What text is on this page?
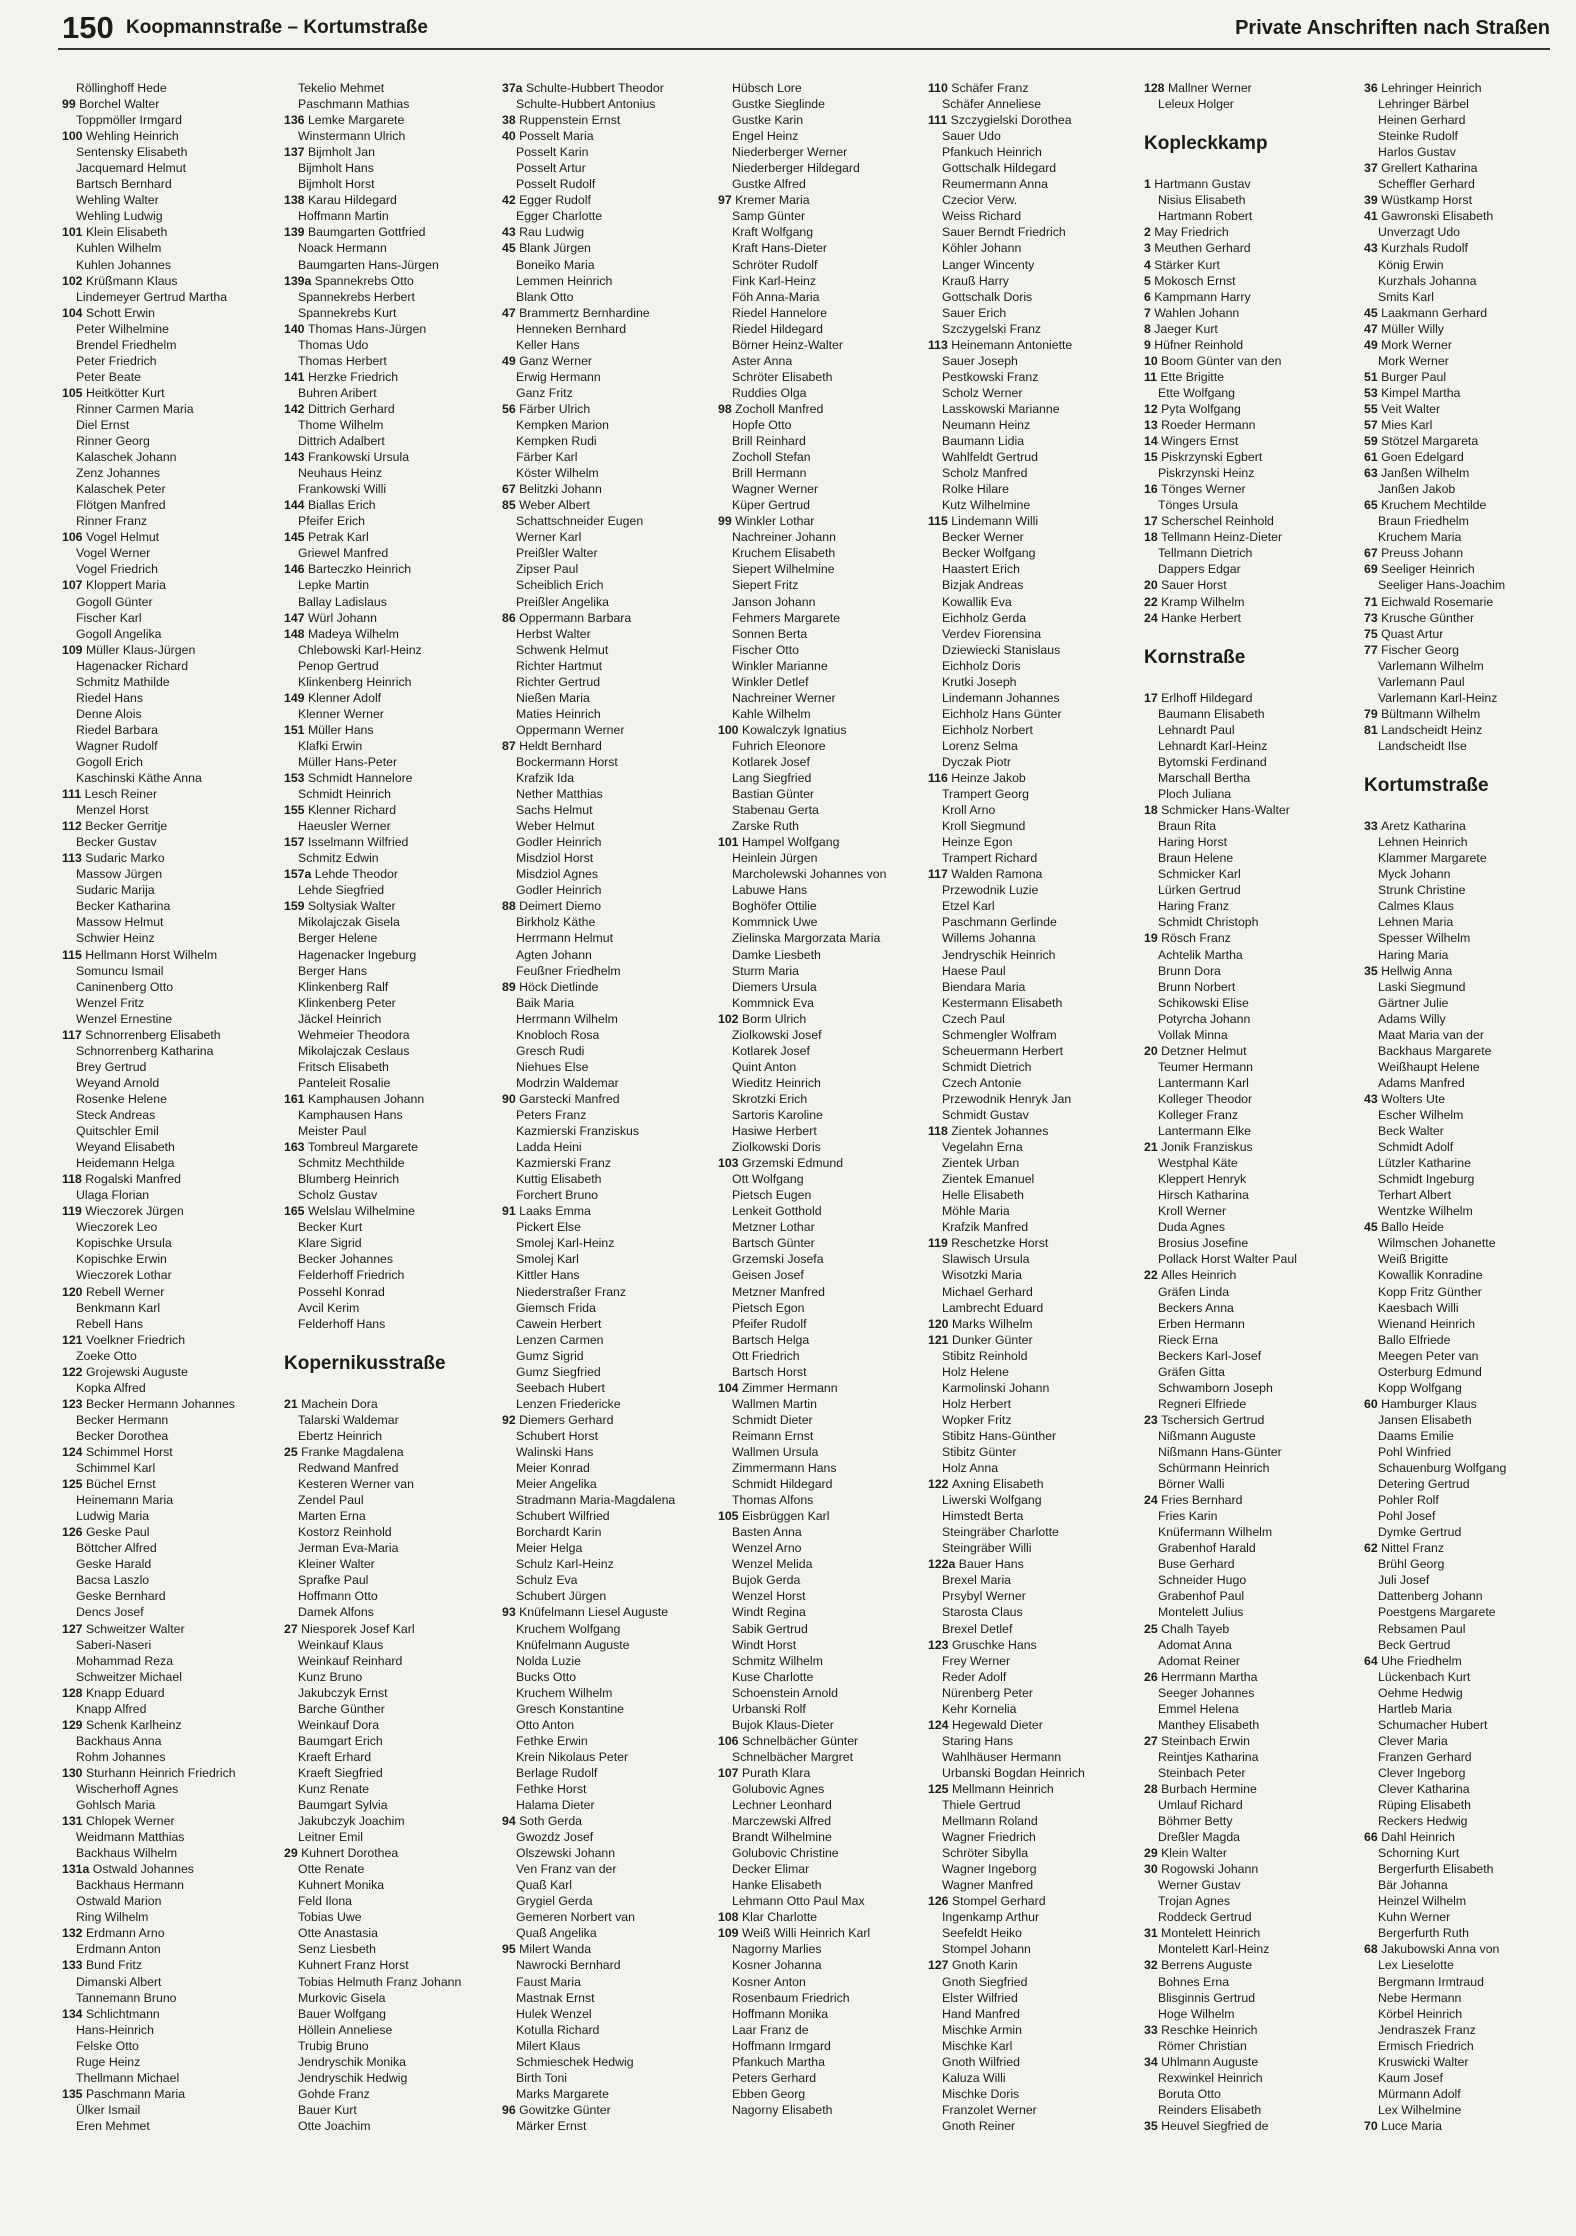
150 Koopmannstraße – Kortumstraße	Private Anschriften nach Straßen
Röllinghoff Hede
99 Borchel Walter
Toppmöller Irmgard
100 Wehling Heinrich
Sentensky Elisabeth
Jacquemard Helmut
Bartsch Bernhard
Wehling Walter
Wehling Ludwig
101 Klein Elisabeth
Kuhlen Wilhelm
Kuhlen Johannes
102 Krüßmann Klaus
Lindemeyer Gertrud Martha
104 Schott Erwin
Peter Wilhelmine
Brendel Friedhelm
Peter Friedrich
Peter Beate
105 Heitkötter Kurt
Rinner Carmen Maria
Diel Ernst
Rinner Georg
Kalaschek Johann
Zenz Johannes
Kalaschek Peter
Flötgen Manfred
Rinner Franz
106 Vogel Helmut
Vogel Werner
Vogel Friedrich
107 Kloppert Maria
Gogoll Günter
Fischer Karl
Gogoll Angelika
109 Müller Klaus-Jürgen
Hagenacker Richard
Schmitz Mathilde
Riedel Hans
Denne Alois
Riedel Barbara
Wagner Rudolf
Gogoll Erich
Kaschinski Käthe Anna
111 Lesch Reiner
Menzel Horst
112 Becker Gerritje
Becker Gustav
113 Sudaric Marko
Massow Jürgen
Sudaric Marija
Becker Katharina
Massow Helmut
Schwier Heinz
115 Hellmann Horst Wilhelm
Somuncu Ismail
Caninenberg Otto
Wenzel Fritz
Wenzel Ernestine
117 Schnorrenberg Elisabeth
Schnorrenberg Katharina
Brey Gertrud
Weyand Arnold
Rosenke Helene
Steck Andreas
Quitschler Emil
Weyand Elisabeth
Heidemann Helga
118 Rogalski Manfred
Ulaga Florian
119 Wieczorek Jürgen
Wieczorek Leo
Kopischke Ursula
Kopischke Erwin
Wieczorek Lothar
120 Rebell Werner
Benkmann Karl
Rebell Hans
121 Voelkner Friedrich
Zoeke Otto
122 Grojewski Auguste
Kopka Alfred
123 Becker Hermann Johannes
Becker Hermann
Becker Dorothea
124 Schimmel Horst
Schimmel Karl
125 Büchel Ernst
Heinemann Maria
Ludwig Maria
126 Geske Paul
Böttcher Alfred
Geske Harald
Bacsa Laszlo
Geske Bernhard
Dencs Josef
127 Schweitzer Walter
Saberi-Naseri
Mohammad Reza
Schweitzer Michael
128 Knapp Eduard
Knapp Alfred
129 Schenk Karlheinz
Backhaus Anna
Rohm Johannes
130 Sturhann Heinrich Friedrich
Wischerhoff Agnes
Gohlsch Maria
131 Chlopek Werner
Weidmann Matthias
Backhaus Wilhelm
131a Ostwald Johannes
Backhaus Hermann
Ostwald Marion
Ring Wilhelm
132 Erdmann Arno
Erdmann Anton
133 Bund Fritz
Dimanski Albert
Tannemann Bruno
134 Schlichtmann
Hans-Heinrich
Felske Otto
Ruge Heinz
Thellmann Michael
135 Paschmann Maria
Ülker Ismail
Eren Mehmet
Tekelio Mehmet
Paschmann Mathias
136 Lemke Margarete
Winstermann Ulrich
137 Bijmholt Jan
Bijmholt Hans
Bijmholt Horst
138 Karau Hildegard
Hoffmann Martin
139 Baumgarten Gottfried
Noack Hermann
Baumgarten Hans-Jürgen
139a Spannekrebs Otto
Spannekrebs Herbert
Spannekrebs Kurt
140 Thomas Hans-Jürgen
Thomas Udo
Thomas Herbert
141 Herzke Friedrich
Buhren Aribert
142 Dittrich Gerhard
Thome Wilhelm
Dittrich Adalbert
143 Frankowski Ursula
Neuhaus Heinz
Frankowski Willi
144 Biallas Erich
Pfeifer Erich
145 Petrak Karl
Griewel Manfred
146 Barteczko Heinrich
Lepke Martin
Ballay Ladislaus
147 Würl Johann
148 Madeya Wilhelm
Chlebowski Karl-Heinz
Penop Gertrud
Klinkenberg Heinrich
149 Klenner Adolf
Klenner Werner
151 Müller Hans
Klafki Erwin
Müller Hans-Peter
153 Schmidt Hannelore
Schmidt Heinrich
155 Klenner Richard
Haeusler Werner
157 Isselmann Wilfried
Schmitz Edwin
157a Lehde Theodor
Lehde Siegfried
159 Soltysiak Walter
Mikolajczak Gisela
Berger Helene
Hagenacker Ingeburg
Berger Hans
Klinkenberg Ralf
Klinkenberg Peter
Jäckel Heinrich
Wehmeier Theodora
Mikolajczak Ceslaus
Fritsch Elisabeth
Panteleit Rosalie
161 Kamphausen Johann
Kamphausen Hans
Meister Paul
163 Tombreul Margarete
Schmitz Mechthilde
Blumberg Heinrich
Scholz Gustav
165 Welslau Wilhelmine
Becker Kurt
Klare Sigrid
Becker Johannes
Felderhoff Friedrich
Possehl Konrad
Avcil Kerim
Felderhoff Hans
Kopernikusstraße
21 Machein Dora
Talarski Waldemar
Ebertz Heinrich
25 Franke Magdalena
Redwand Manfred
Kesteren Werner van
Zendel Paul
Marten Erna
Kostorz Reinhold
Jerman Eva-Maria
Kleiner Walter
Sprafke Paul
Hoffmann Otto
Damek Alfons
27 Niesporek Josef Karl
Weinkauf Klaus
Weinkauf Reinhard
Kunz Bruno
Jakubczyk Ernst
Barche Günther
Weinkauf Dora
Baumgart Erich
Kraeft Erhard
Kraeft Siegfried
Kunz Renate
Baumgart Sylvia
Jakubczyk Joachim
Leitner Emil
29 Kuhnert Dorothea
Otte Renate
Kuhnert Monika
Feld Ilona
Tobias Uwe
Otte Anastasia
Senz Liesbeth
Kuhnert Franz Horst
Tobias Helmuth Franz Johann
Murkovic Gisela
Bauer Wolfgang
Höllein Anneliese
Trubig Bruno
Jendryschik Monika
Jendryschik Hedwig
Gohde Franz
Bauer Kurt
Otte Joachim
37a Schulte-Hubbert Theodor
Schulte-Hubbert Antonius
38 Ruppenstein Ernst
40 Posselt Maria
Posselt Karin
Posselt Artur
Posselt Rudolf
42 Egger Rudolf
Egger Charlotte
43 Rau Ludwig
45 Blank Jürgen
Boneiko Maria
Lemmen Heinrich
Blank Otto
47 Brammertz Bernhardine
Henneken Bernhard
Keller Hans
49 Ganz Werner
Erwig Hermann
Ganz Fritz
56 Färber Ulrich
Kempken Marion
Kempken Rudi
Färber Karl
Köster Wilhelm
67 Belitzki Johann
85 Weber Albert
Schattschneider Eugen
Werner Karl
Preißler Walter
Zipser Paul
Scheiblich Erich
Preißler Angelika
86 Oppermann Barbara
Herbst Walter
Schwenk Helmut
Richter Hartmut
Richter Gertrud
Nießen Maria
Maties Heinrich
Oppermann Werner
87 Heldt Bernhard
Bockermann Horst
Krafzik Ida
Nether Matthias
Sachs Helmut
Weber Helmut
Godler Heinrich
Misdziol Horst
Misdziol Agnes
Godler Heinrich
88 Deimert Diemo
Birkholz Käthe
Herrmann Helmut
Agten Johann
Feußner Friedhelm
89 Höck Dietlinde
Baik Maria
Herrmann Wilhelm
Knobloch Rosa
Gresch Rudi
Niehues Else
Modrzin Waldemar
90 Garstecki Manfred
Peters Franz
Kazmierski Franziskus
Ladda Heini
Kazmierski Franz
Kuttig Elisabeth
Forchert Bruno
91 Laaks Emma
Pickert Else
Smolej Karl-Heinz
Smolej Karl
Kittler Hans
Niederstraßer Franz
Giemsch Frida
Cawein Herbert
Lenzen Carmen
Gumz Sigrid
Gumz Siegfried
Seebach Hubert
Lenzen Friedericke
92 Diemers Gerhard
Schubert Horst
Walinski Hans
Meier Konrad
Meier Angelika
Stradmann Maria-Magdalena
Schubert Wilfried
Borchardt Karin
Meier Helga
Schulz Karl-Heinz
Schulz Eva
Schubert Jürgen
93 Knüfelmann Liesel Auguste
Kruchem Wolfgang
Knüfelmann Auguste
Nolda Luzie
Bucks Otto
Kruchem Wilhelm
Gresch Konstantine
Otto Anton
Fethke Erwin
Krein Nikolaus Peter
Berlage Rudolf
Fethke Horst
Halama Dieter
94 Soth Gerda
Gwozdz Josef
Olszewski Johann
Ven Franz van der
Quaß Karl
Grygiel Gerda
Gemeren Norbert van
Quaß Angelika
95 Milert Wanda
Nawrocki Bernhard
Faust Maria
Mastnak Ernst
Hulek Wenzel
Kotulla Richard
Milert Klaus
Schmieschek Hedwig
Birth Toni
Marks Margarete
96 Gowitzke Günter
Märker Ernst
Hübsch Lore
Gustke Sieglinde
Gustke Karin
Engel Heinz
Niederberger Werner
Niederberger Hildegard
Gustke Alfred
97 Kremer Maria
Samp Günter
Kraft Wolfgang
Kraft Hans-Dieter
Schröter Rudolf
Fink Karl-Heinz
Föh Anna-Maria
Riedel Hannelore
Riedel Hildegard
Börner Heinz-Walter
Aster Anna
Schröter Elisabeth
Ruddies Olga
98 Zocholl Manfred
Hopfe Otto
Brill Reinhard
Zocholl Stefan
Brill Hermann
Wagner Werner
Küper Gertrud
99 Winkler Lothar
Nachreiner Johann
Kruchem Elisabeth
Siepert Wilhelmine
Siepert Fritz
Janson Johann
Fehmers Margarete
Sonnen Berta
Fischer Otto
Winkler Marianne
Winkler Detlef
Nachreiner Werner
Kahle Wilhelm
100 Kowalczyk Ignatius
Fuhrich Eleonore
Kotlarek Josef
Lang Siegfried
Bastian Günter
Stabenau Gerta
Zarske Ruth
101 Hampel Wolfgang
Heinlein Jürgen
Marcholewski Johannes von
Labuwe Hans
Boghöfer Ottilie
Kommnick Uwe
Zielinska Margorzata Maria
Damke Liesbeth
Sturm Maria
Diemers Ursula
Kommnick Eva
102 Borm Ulrich
Ziolkowski Josef
Kotlarek Josef
Quint Anton
Wieditz Heinrich
Skrotzki Erich
Sartoris Karoline
Hasiwe Herbert
Ziolkowski Doris
103 Grzemski Edmund
Ott Wolfgang
Pietsch Eugen
Lenkeit Gotthold
Metzner Lothar
Bartsch Günter
Grzemski Josefa
Geisen Josef
Metzner Manfred
Pietsch Egon
Pfeifer Rudolf
Bartsch Helga
Ott Friedrich
Bartsch Horst
104 Zimmer Hermann
Wallmen Martin
Schmidt Dieter
Reimann Ernst
Wallmen Ursula
Zimmermann Hans
Schmidt Hildegard
Thomas Alfons
105 Eisbrüggen Karl
Basten Anna
Wenzel Arno
Wenzel Melida
Bujok Gerda
Wenzel Horst
Windt Regina
Sabik Gertrud
Windt Horst
Schmitz Wilhelm
Kuse Charlotte
Schoenstein Arnold
Urbanski Rolf
Bujok Klaus-Dieter
106 Schnelbächer Günter
Schnelbächer Margret
107 Purath Klara
Golubovic Agnes
Lechner Leonhard
Marczewski Alfred
Brandt Wilhelmine
Golubovic Christine
Decker Elimar
Hanke Elisabeth
Lehmann Otto Paul Max
108 Klar Charlotte
109 Weiß Willi Heinrich Karl
Nagorny Marlies
Kosner Johanna
Kosner Anton
Rosenbaum Friedrich
Hoffmann Monika
Laar Franz de
Hoffmann Irmgard
Pfankuch Martha
Peters Gerhard
Ebben Georg
Nagorny Elisabeth
110 Schäfer Franz
Schäfer Anneliese
111 Szczygielski Dorothea
Sauer Udo
Pfankuch Heinrich
Gottschalk Hildegard
Reumermann Anna
Czecior Verw.
Weiss Richard
Sauer Berndt Friedrich
Köhler Johann
Langer Wincenty
Krauß Harry
Gottschalk Doris
Sauer Erich
Szczygelski Franz
113 Heinemann Antoniette
Sauer Joseph
Pestkowski Franz
Scholz Werner
Lasskowski Marianne
Neumann Heinz
Baumann Lidia
Wahlfeldt Gertrud
Scholz Manfred
Rolke Hilare
Kutz Wilhelmine
115 Lindemann Willi
Becker Werner
Becker Wolfgang
Haastert Erich
Bizjak Andreas
Kowallik Eva
Eichholz Gerda
Verdev Fiorensina
Dziewiecki Stanislaus
Eichholz Doris
Krutki Joseph
Lindemann Johannes
Eichholz Hans Günter
Eichholz Norbert
Lorenz Selma
Dyczak Piotr
116 Heinze Jakob
Trampert Georg
Kroll Arno
Kroll Siegmund
Heinze Egon
Trampert Richard
117 Walden Ramona
Przewodnik Luzie
Etzel Karl
Paschmann Gerlinde
Willems Johanna
Jendryschik Heinrich
Haese Paul
Biendara Maria
Kestermann Elisabeth
Czech Paul
Schmengler Wolfram
Scheuermann Herbert
Schmidt Dietrich
Czech Antonie
Przewodnik Henryk Jan
Schmidt Gustav
118 Zientek Johannes
Vegelahn Erna
Zientek Urban
Zientek Emanuel
Helle Elisabeth
Möhle Maria
Krafzik Manfred
119 Reschetzke Horst
Slawisch Ursula
Wisotzki Maria
Michael Gerhard
Lambrecht Eduard
120 Marks Wilhelm
121 Dunker Günter
Stibitz Reinhold
Holz Helene
Karmolinski Johann
Holz Herbert
Wopker Fritz
Stibitz Hans-Günther
Stibitz Günter
Holz Anna
122 Axning Elisabeth
Liwerski Wolfgang
Himstedt Berta
Steingräber Charlotte
Steingräber Willi
122a Bauer Hans
Brexel Maria
Prsybyl Werner
Starosta Claus
Brexel Detlef
123 Gruschke Hans
Frey Werner
Reder Adolf
Nürenberg Peter
Kehr Kornelia
124 Hegewald Dieter
Staring Hans
Wahlhäuser Hermann
Urbanski Bogdan Heinrich
125 Mellmann Heinrich
Thiele Gertrud
Mellmann Roland
Wagner Friedrich
Schröter Sibylla
Wagner Ingeborg
Wagner Manfred
126 Stompel Gerhard
Ingenkamp Arthur
Seefeldt Heiko
Stompel Johann
127 Gnoth Karin
Gnoth Siegfried
Elster Wilfried
Hand Manfred
Mischke Armin
Mischke Karl
Gnoth Wilfried
Kaluza Willi
Mischke Doris
Franzolet Werner
Gnoth Reiner
128 Mallner Werner
Leleux Holger
Kopleckkamp
1 Hartmann Gustav
Nisius Elisabeth
Hartmann Robert
2 May Friedrich
3 Meuthen Gerhard
4 Stärker Kurt
5 Mokosch Ernst
6 Kampmann Harry
7 Wahlen Johann
8 Jaeger Kurt
9 Hüfner Reinhold
10 Boom Günter van den
11 Ette Brigitte
Ette Wolfgang
12 Pyta Wolfgang
13 Roeder Hermann
14 Wingers Ernst
15 Piskrzynski Egbert
Piskrzynski Heinz
16 Tönges Werner
Tönges Ursula
17 Scherschel Reinhold
18 Tellmann Heinz-Dieter
Tellmann Dietrich
Dappers Edgar
20 Sauer Horst
22 Kramp Wilhelm
24 Hanke Herbert
Kornstraße
17 Erlhoff Hildegard
Baumann Elisabeth
Lehnardt Paul
Lehnardt Karl-Heinz
Bytomski Ferdinand
Marschall Bertha
Ploch Juliana
18 Schmicker Hans-Walter
Braun Rita
Haring Horst
Braun Helene
Schmicker Karl
Lürken Gertrud
Haring Franz
Schmidt Christoph
19 Rösch Franz
Achtelik Martha
Brunn Dora
Brunn Norbert
Schikowski Elise
Potyrcha Johann
Vollak Minna
20 Detzner Helmut
Teumer Hermann
Lantermann Karl
Kolleger Theodor
Kolleger Franz
Lantermann Elke
21 Jonik Franziskus
Westphal Käte
Kleppert Henryk
Hirsch Katharina
Kroll Werner
Duda Agnes
Brosius Josefine
Pollack Horst Walter Paul
22 Alles Heinrich
Gräfen Linda
Beckers Anna
Erben Hermann
Rieck Erna
Beckers Karl-Josef
Gräfen Gitta
Schwamborn Joseph
Regneri Elfriede
23 Tschersich Gertrud
Nißmann Auguste
Nißmann Hans-Günter
Schürmann Heinrich
Börner Walli
24 Fries Bernhard
Fries Karin
Knüfermann Wilhelm
Grabenhof Harald
Buse Gerhard
Schneider Hugo
Grabenhof Paul
Montelett Julius
25 Chalh Tayeb
Adomat Anna
Adomat Reiner
26 Herrmann Martha
Seeger Johannes
Emmel Helena
Manthey Elisabeth
27 Steinbach Erwin
Reintjes Katharina
Steinbach Peter
28 Burbach Hermine
Umlauf Richard
Böhmer Betty
Dreßler Magda
29 Klein Walter
30 Rogowski Johann
Werner Gustav
Trojan Agnes
Roddeck Gertrud
31 Montelett Heinrich
Montelett Karl-Heinz
32 Berrens Auguste
Bohnes Erna
Blisginnis Gertrud
Hoge Wilhelm
33 Reschke Heinrich
Römer Christian
34 Uhlmann Auguste
Rexwinkel Heinrich
Boruta Otto
Reinders Elisabeth
35 Heuvel Siegfried de
36 Lehringer Heinrich
Lehringer Bärbel
Heinen Gerhard
Steinke Rudolf
Harlos Gustav
37 Grellert Katharina
Scheffler Gerhard
39 Wüstkamp Horst
41 Gawronski Elisabeth
Unverzagt Udo
43 Kurzhals Rudolf
König Erwin
Kurzhals Johanna
Smits Karl
45 Laakmann Gerhard
47 Müller Willy
49 Mork Werner
Mork Werner
51 Burger Paul
53 Kimpel Martha
55 Veit Walter
57 Mies Karl
59 Stötzel Margareta
61 Goen Edelgard
63 Janßen Wilhelm
Janßen Jakob
65 Kruchem Mechtilde
Braun Friedhelm
Kruchem Maria
67 Preuss Johann
69 Seeliger Heinrich
Seeliger Hans-Joachim
71 Eichwald Rosemarie
73 Krusche Günther
75 Quast Artur
77 Fischer Georg
Varlemann Wilhelm
Varlemann Paul
Varlemann Karl-Heinz
79 Bültmann Wilhelm
81 Landscheidt Heinz
Landscheidt Ilse
Kortumstraße
33 Aretz Katharina
Lehnen Heinrich
Klammer Margarete
Myck Johann
Strunk Christine
Calmes Klaus
Lehnen Maria
Spesser Wilhelm
Haring Maria
35 Hellwig Anna
Laski Siegmund
Gärtner Julie
Adams Willy
Maat Maria van der
Backhaus Margarete
Weißhaupt Helene
Adams Manfred
43 Wolters Ute
Escher Wilhelm
Beck Walter
Schmidt Adolf
Lützler Katharine
Schmidt Ingeburg
Terhart Albert
Wentzke Wilhelm
45 Ballo Heide
Wilmschen Johanette
Weiß Brigitte
Kowallik Konradine
Kopp Fritz Günther
Kaesbach Willi
Wienand Heinrich
Ballo Elfriede
Meegen Peter van
Osterburg Edmund
Kopp Wolfgang
60 Hamburger Klaus
Jansen Elisabeth
Daams Emilie
Pohl Winfried
Schauenburg Wolfgang
Detering Gertrud
Pohler Rolf
Pohl Josef
Dymke Gertrud
62 Nittel Franz
Brühl Georg
Juli Josef
Dattenberg Johann
Poestgens Margarete
Rebsamen Paul
Beck Gertrud
64 Uhe Friedhelm
Lückenbach Kurt
Oehme Hedwig
Hartleb Maria
Schumacher Hubert
Clever Maria
Franzen Gerhard
Clever Ingeborg
Clever Katharina
Rüping Elisabeth
Reckers Hedwig
66 Dahl Heinrich
Schorning Kurt
Bergerfurth Elisabeth
Bär Johanna
Heinzel Wilhelm
Kuhn Werner
Bergerfurth Ruth
68 Jakubowski Anna von
Lex Lieselotte
Bergmann Irmtraud
Nebe Hermann
Körbel Heinrich
Jendraszek Franz
Ermisch Friedrich
Kruswicki Walter
Kaum Josef
Mürmann Adolf
Lex Wilhelmine
70 Luce Maria
